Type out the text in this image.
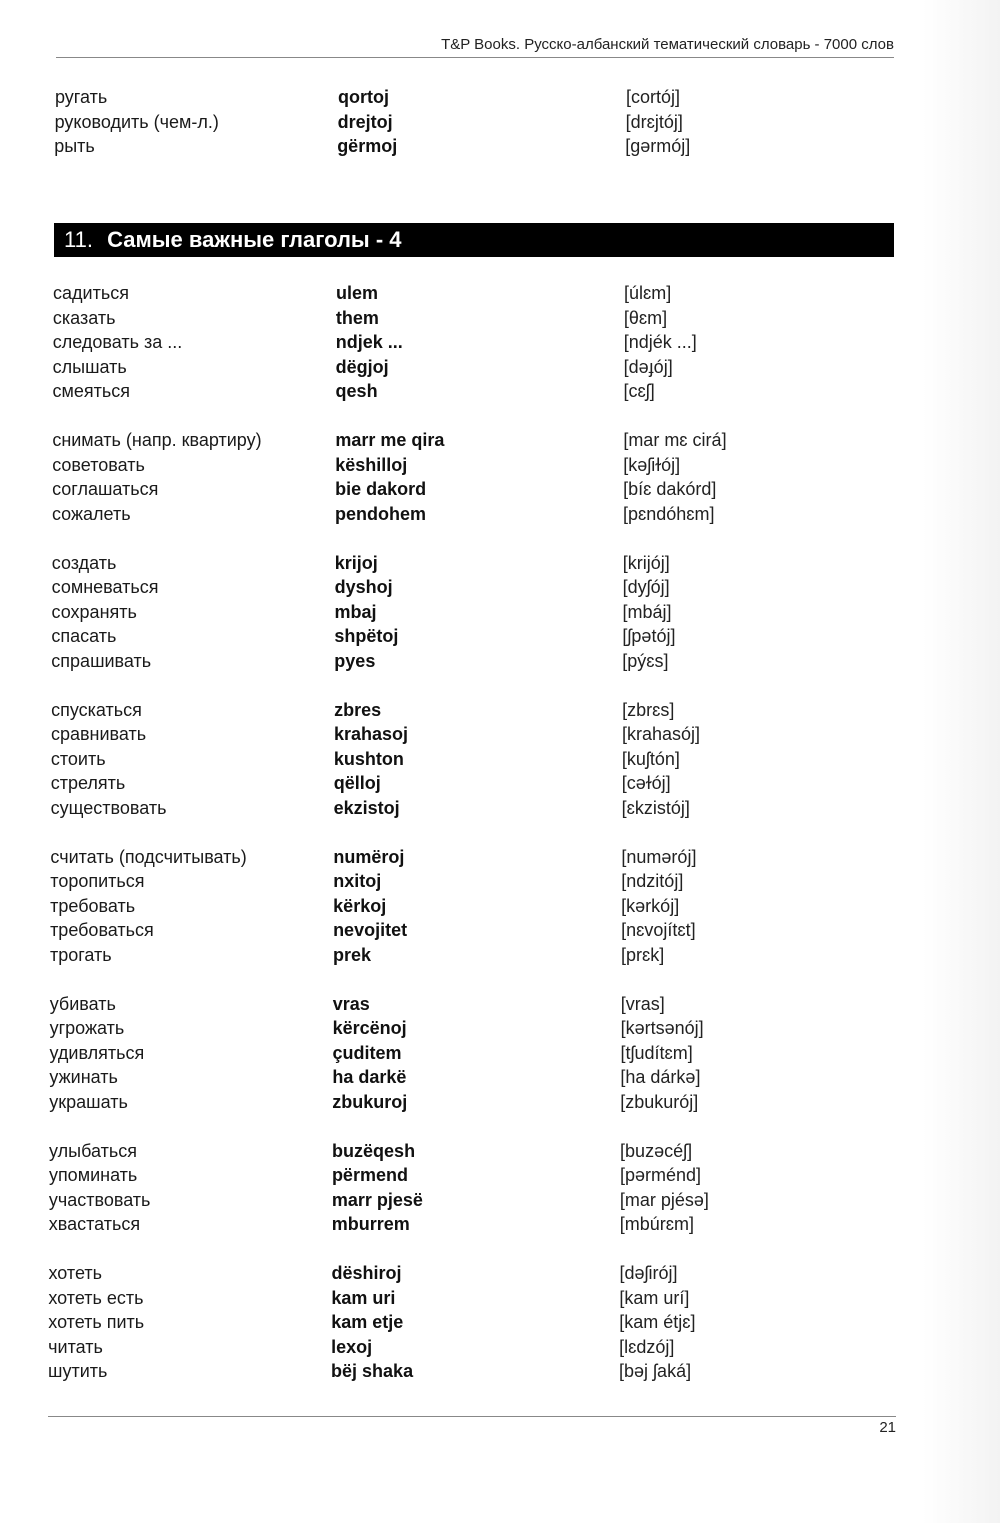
T&P Books. Русско-албанский тематический словарь - 7000 слов
ругать	qortoj	[cortój]
руководить (чем-л.)	drejtoj	[drɛjtój]
рыть	gërmoj	[gərmój]
11. Самые важные глаголы - 4
садиться	ulem	[úlɛm]
сказать	them	[θɛm]
следовать за ...	ndjek ...	[ndjék ...]
слышать	dëgjoj	[dəɟój]
смеяться	qesh	[cɛʃ]
снимать (напр. квартиру)	marr me qira	[mar mɛ cirá]
советовать	këshilloj	[kəʃiɫój]
соглашаться	bie dakord	[bíɛ dakórd]
сожалеть	pendohem	[pɛndóhɛm]
создать	krijoj	[krijój]
сомневаться	dyshoj	[dyʃój]
сохранять	mbaj	[mbáj]
спасать	shpëtoj	[ʃpətój]
спрашивать	pyes	[pýɛs]
спускаться	zbres	[zbrɛs]
сравнивать	krahasoj	[krahasój]
стоить	kushton	[kuʃtón]
стрелять	qëlloj	[cəɫój]
существовать	ekzistoj	[ɛkzistój]
считать (подсчитывать)	numëroj	[numərój]
торопиться	nxitoj	[ndzitój]
требовать	kërkoj	[kərkój]
требоваться	nevojitet	[nɛvojítɛt]
трогать	prek	[prɛk]
убивать	vras	[vras]
угрожать	kërcënoj	[kərtsənój]
удивляться	çuditem	[tʃudítɛm]
ужинать	ha darkë	[ha dárkə]
украшать	zbukuroj	[zbukurój]
улыбаться	buzëqesh	[buzəcéʃ]
упоминать	përmend	[pərménd]
участвовать	marr pjesë	[mar pjésə]
хвастаться	mburrem	[mbúrɛm]
хотеть	dëshiroj	[dəʃirój]
хотеть есть	kam uri	[kam urí]
хотеть пить	kam etje	[kam étjɛ]
читать	lexoj	[lɛdzój]
шутить	bëj shaka	[bəj ʃaká]
21
